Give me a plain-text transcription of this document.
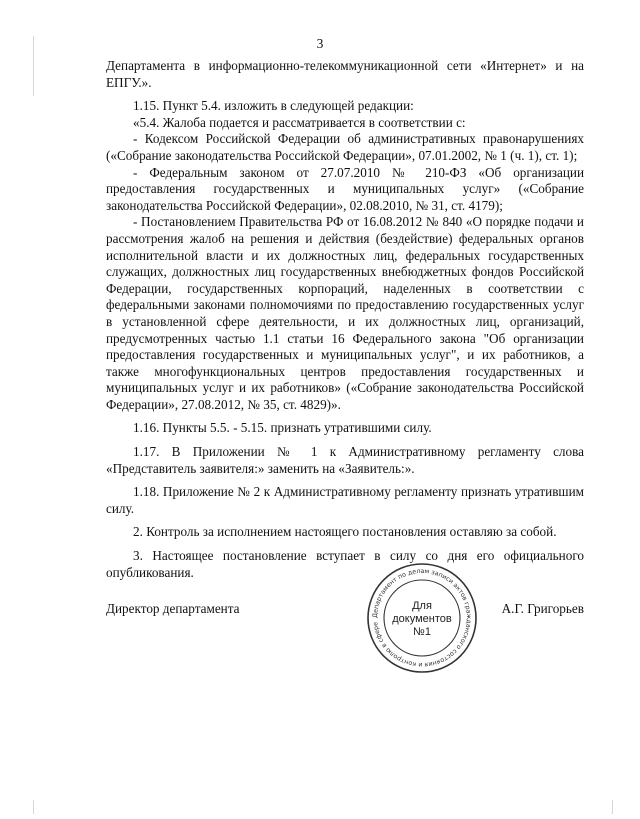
3

Департамента в информационно-телекоммуникационной сети «Интернет» и на ЕПГУ.».

1.15. Пункт 5.4. изложить в следующей редакции:

«5.4. Жалоба подается и рассматривается в соответствии с:

- Кодексом Российской Федерации об административных правонарушениях («Собрание законодательства Российской Федерации», 07.01.2002, № 1 (ч. 1), ст. 1);

- Федеральным законом от 27.07.2010 № 210-ФЗ «Об организации предоставления государственных и муниципальных услуг» («Собрание законодательства Российской Федерации», 02.08.2010, № 31, ст. 4179);

- Постановлением Правительства РФ от 16.08.2012 № 840 «О порядке подачи и рассмотрения жалоб на решения и действия (бездействие) федеральных органов исполнительной власти и их должностных лиц, федеральных государственных служащих, должностных лиц государственных внебюджетных фондов Российской Федерации, государственных корпораций, наделенных в соответствии с федеральными законами полномочиями по предоставлению государственных услуг в установленной сфере деятельности, и их должностных лиц, организаций, предусмотренных частью 1.1 статьи 16 Федерального закона "Об организации предоставления государственных и муниципальных услуг", и их работников, а также многофункциональных центров предоставления государственных и муниципальных услуг и их работников» («Собрание законодательства Российской Федерации», 27.08.2012, № 35, ст. 4829)».

1.16. Пункты 5.5. - 5.15. признать утратившими силу.

1.17. В Приложении № 1 к Административному регламенту слова «Представитель заявителя:» заменить на «Заявитель:».

1.18. Приложение № 2 к Административному регламенту признать утратившим силу.

2. Контроль за исполнением настоящего постановления оставляю за собой.

3. Настоящее постановление вступает в силу со дня его официального опубликования.

Директор департамента	А.Г. Григорьев
Департамент по делам записи актов гражданского состояния и контролю в сфере
Для
документов
№1
